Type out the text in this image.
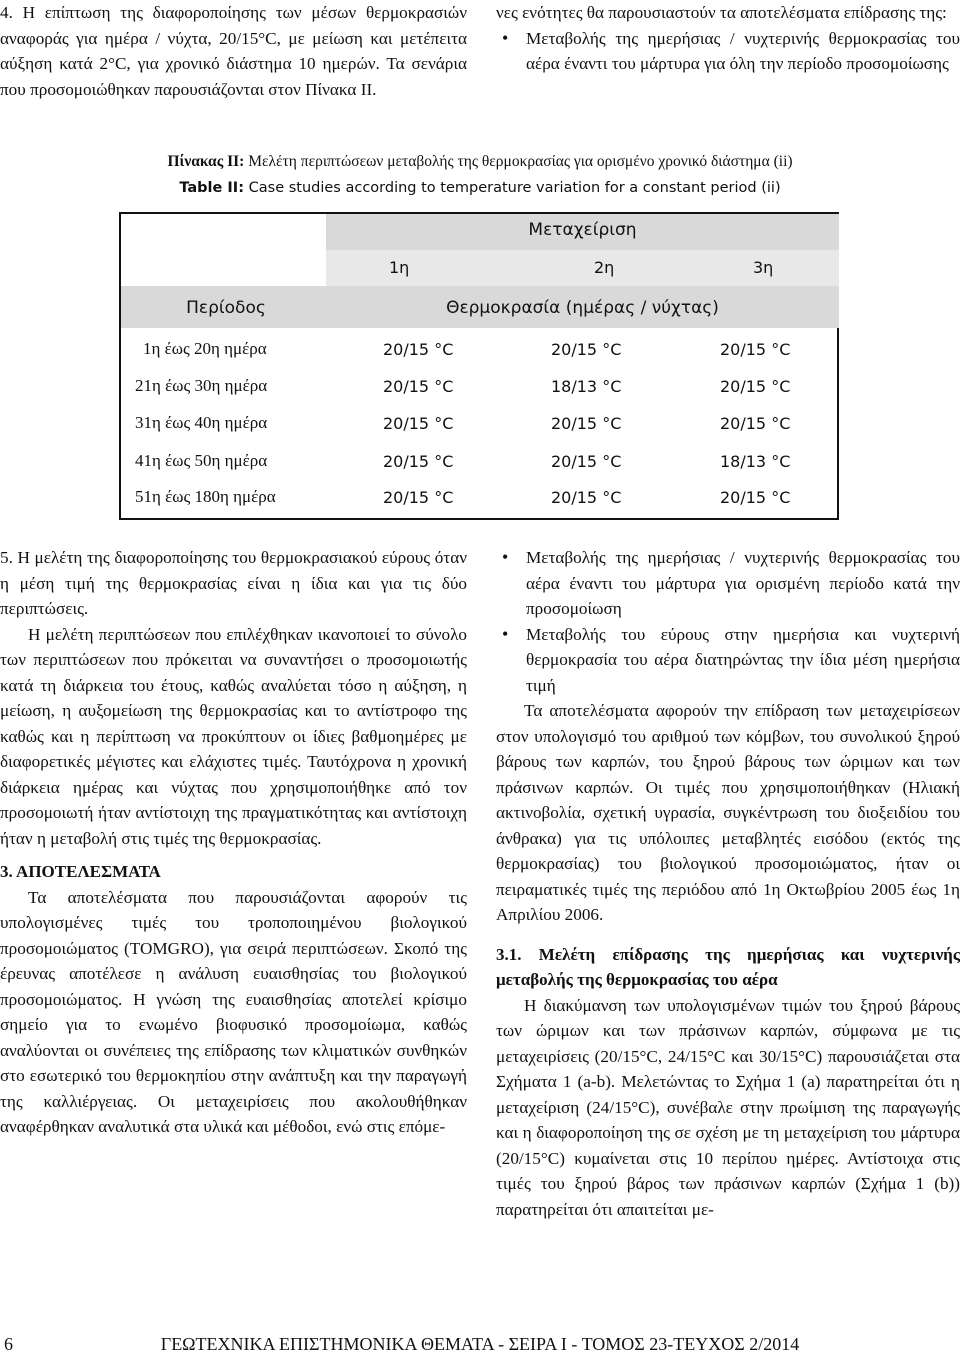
4. Η επίπτωση της διαφοροποίησης των μέσων θερμοκρασιών αναφοράς για ημέρα / νύχτα, 20/15°C, με μείωση και μετέπειτα αύξηση κατά 2°C, για χρονικό διάστημα 10 ημερών. Τα σενάρια που προσομοιώθηκαν παρουσιάζονται στον Πίνακα ΙΙ.

νες ενότητες θα παρουσιαστούν τα αποτελέσματα επίδρασης της:

• Μεταβολής της ημερήσιας / νυχτερινής θερμοκρασίας του αέρα έναντι του μάρτυρα για όλη την περίοδο προσομοίωσης

Πίνακας ΙΙ: Μελέτη περιπτώσεων μεταβολής της θερμοκρασίας για ορισμένο χρονικό διάστημα (ii)
Table II: Case studies according to temperature variation for a constant period (ii)
Μεταχείριση
1η	2η	3η
Περίοδος	Θερμοκρασία (ημέρας / νύχτας)
1η έως 20η ημέρα	20/15 °C	20/15 °C	20/15 °C
21η έως 30η ημέρα	20/15 °C	18/13 °C	20/15 °C
31η έως 40η ημέρα	20/15 °C	20/15 °C	20/15 °C
41η έως 50η ημέρα	20/15 °C	20/15 °C	18/13 °C
51η έως 180η ημέρα	20/15 °C	20/15 °C	20/15 °C

5. Η μελέτη της διαφοροποίησης του θερμοκρασιακού εύρους όταν η μέση τιμή της θερμοκρασίας είναι η ίδια και για τις δύο περιπτώσεις.

Η μελέτη περιπτώσεων που επιλέχθηκαν ικανοποιεί το σύνολο των περιπτώσεων που πρόκειται να συναντήσει ο προσομοιωτής κατά τη διάρκεια του έτους, καθώς αναλύεται τόσο η αύξηση, η μείωση, η αυξομείωση της θερμοκρασίας και το αντίστροφο της καθώς και η περίπτωση να προκύπτουν οι ίδιες βαθμοημέρες με διαφορετικές μέγιστες και ελάχιστες τιμές. Ταυτόχρονα η χρονική διάρκεια ημέρας και νύχτας που χρησιμοποιήθηκε από τον προσομοιωτή ήταν αντίστοιχη της πραγματικότητας και αντίστοιχη ήταν η μεταβολή στις τιμές της θερμοκρασίας.

3. ΑΠΟΤΕΛΕΣΜΑΤΑ

Τα αποτελέσματα που παρουσιάζονται αφορούν τις υπολογισμένες τιμές του τροποποιημένου βιολογικού προσομοιώματος (TOMGRO), για σειρά περιπτώσεων. Σκοπό της έρευνας αποτέλεσε η ανάλυση ευαισθησίας του βιολογικού προσομοιώματος. Η γνώση της ευαισθησίας αποτελεί κρίσιμο σημείο για το ενωμένο βιοφυσικό προσομοίωμα, καθώς αναλύονται οι συνέπειες της επίδρασης των κλιματικών συνθηκών στο εσωτερικό του θερμοκηπίου στην ανάπτυξη και την παραγωγή της καλλιέργειας. Οι μεταχειρίσεις που ακολουθήθηκαν αναφέρθηκαν αναλυτικά στα υλικά και μέθοδοι, ενώ στις επόμε-

• Μεταβολής της ημερήσιας / νυχτερινής θερμοκρασίας του αέρα έναντι του μάρτυρα για ορισμένη περίοδο κατά την προσομοίωση

• Μεταβολής του εύρους στην ημερήσια και νυχτερινή θερμοκρασία του αέρα διατηρώντας την ίδια μέση ημερήσια τιμή

Τα αποτελέσματα αφορούν την επίδραση των μεταχειρίσεων στον υπολογισμό του αριθμού των κόμβων, του συνολικού ξηρού βάρους των καρπών, του ξηρού βάρους των ώριμων και των πράσινων καρπών. Οι τιμές που χρησιμοποιήθηκαν (Ηλιακή ακτινοβολία, σχετική υγρασία, συγκέντρωση του διοξειδίου του άνθρακα) για τις υπόλοιπες μεταβλητές εισόδου (εκτός της θερμοκρασίας) του βιολογικού προσομοιώματος, ήταν οι πειραματικές τιμές της περιόδου από 1η Οκτωβρίου 2005 έως 1η Απριλίου 2006.

3.1. Μελέτη επίδρασης της ημερήσιας και νυχτερινής μεταβολής της θερμοκρασίας του αέρα

Η διακύμανση των υπολογισμένων τιμών του ξηρού βάρους των ώριμων και των πράσινων καρπών, σύμφωνα με τις μεταχειρίσεις (20/15°C, 24/15°C και 30/15°C) παρουσιάζεται στα Σχήματα 1 (a-b). Μελετώντας το Σχήμα 1 (a) παρατηρείται ότι η μεταχείριση (24/15°C), συνέβαλε στην πρωίμιση της παραγωγής και η διαφοροποίηση της σε σχέση με τη μεταχείριση του μάρτυρα (20/15°C) κυμαίνεται στις 10 περίπου ημέρες. Αντίστοιχα στις τιμές του ξηρού βάρος των πράσινων καρπών (Σχήμα 1 (b)) παρατηρείται ότι απαιτείται με-

6	ΓΕΩΤΕΧΝΙΚΑ ΕΠΙΣΤΗΜΟΝΙΚΑ ΘΕΜΑΤΑ - ΣΕΙΡΑ Ι - ΤΟΜΟΣ 23-ΤΕΥΧΟΣ 2/2014
